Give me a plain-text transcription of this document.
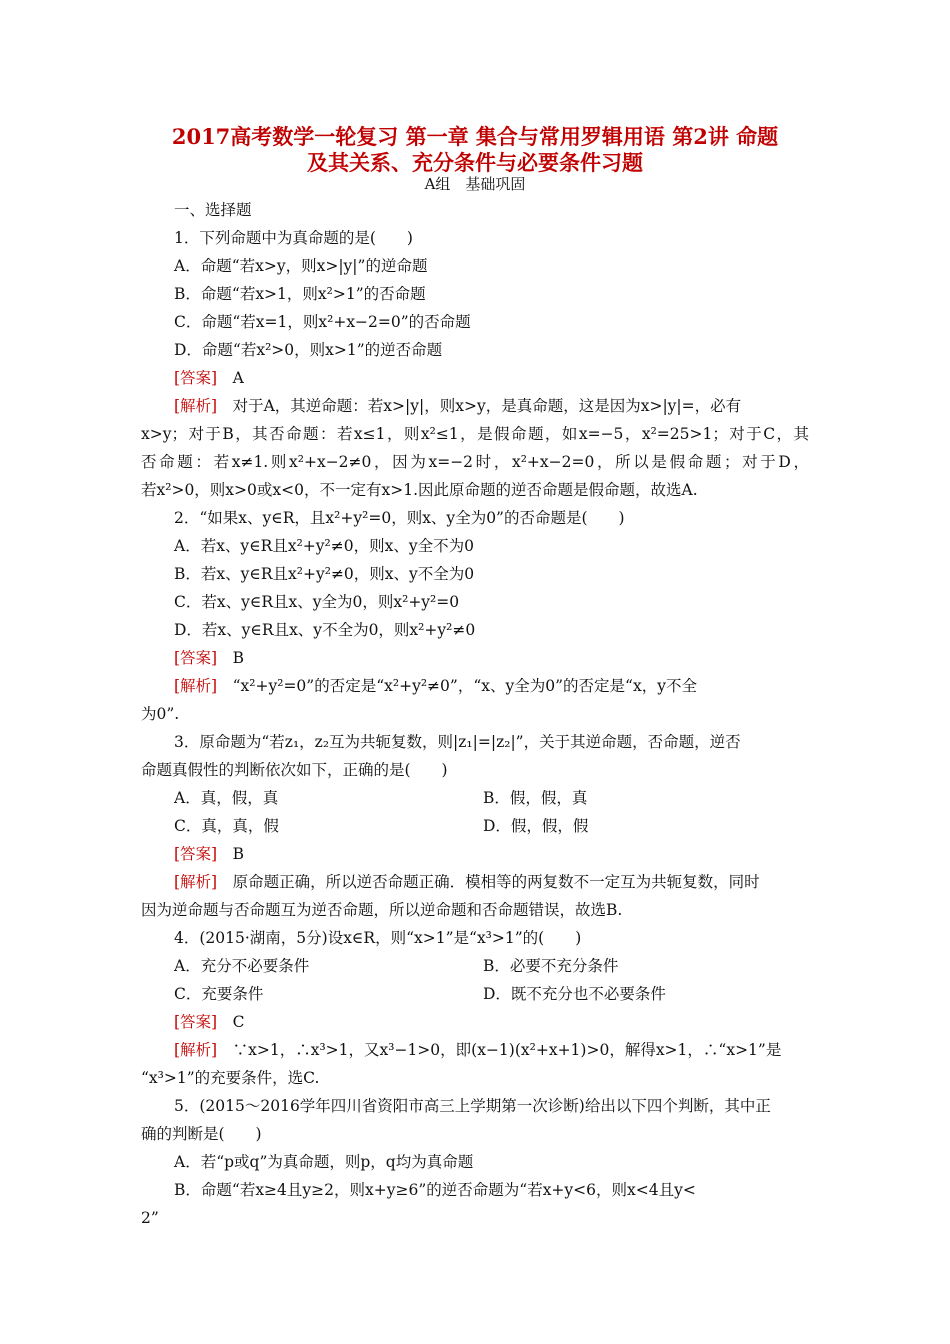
2017高考数学一轮复习 第一章 集合与常用罗辑用语 第2讲 命题
及其关系、充分条件与必要条件习题
A组　基础巩固
一、选择题
1．下列命题中为真命题的是(　　)
A．命题“若x>y，则x>|y|”的逆命题
B．命题“若x>1，则x²>1”的否命题
C．命题“若x=1，则x²+x−2=0”的否命题
D．命题“若x²>0，则x>1”的逆否命题
[答案]　 A
[解析]　对于A，其逆命题：若x>|y|，则x>y，是真命题，这是因为x>|y|=，必有
x>y；对于B，其否命题：若x≤1，则x²≤1，是假命题，如x=−5，x²=25>1；对于C，其
否命题：若x≠1.则x²+x−2≠0，因为x=−2时，x²+x−2=0，所以是假命题；对于D，
若x²>0，则x>0或x<0，不一定有x>1.因此原命题的逆否命题是假命题，故选A.
2．“如果x、y∈R，且x²+y²=0，则x、y全为0”的否命题是(　　)
A．若x、y∈R且x²+y²≠0，则x、y全不为0
B．若x、y∈R且x²+y²≠0，则x、y不全为0
C．若x、y∈R且x、y全为0，则x²+y²=0
D．若x、y∈R且x、y不全为0，则x²+y²≠0
[答案]　 B
[解析]　“x²+y²=0”的否定是“x²+y²≠0”，“x、y全为0”的否定是“x，y不全
为0”.
3．原命题为“若z₁，z₂互为共轭复数，则|z₁|=|z₂|”，关于其逆命题，否命题，逆否
命题真假性的判断依次如下，正确的是(　　)
A．真，假，真	B．假，假，真
C．真，真，假	D．假，假，假
[答案]　 B
[解析]　原命题正确，所以逆否命题正确．模相等的两复数不一定互为共轭复数，同时
因为逆命题与否命题互为逆否命题，所以逆命题和否命题错误，故选B.
4．(2015·湖南，5分)设x∈R，则“x>1”是“x³>1”的(　　)
A．充分不必要条件	B．必要不充分条件
C．充要条件	D．既不充分也不必要条件
[答案]　 C
[解析]　∵x>1，∴x³>1，又x³−1>0，即(x−1)(x²+x+1)>0，解得x>1，∴“x>1”是
“x³>1”的充要条件，选C.
5．(2015～2016学年四川省资阳市高三上学期第一次诊断)给出以下四个判断，其中正
确的判断是(　　)
A．若“p或q”为真命题，则p，q均为真命题
B．命题“若x≥4且y≥2，则x+y≥6”的逆否命题为“若x+y<6，则x<4且y<
2”
